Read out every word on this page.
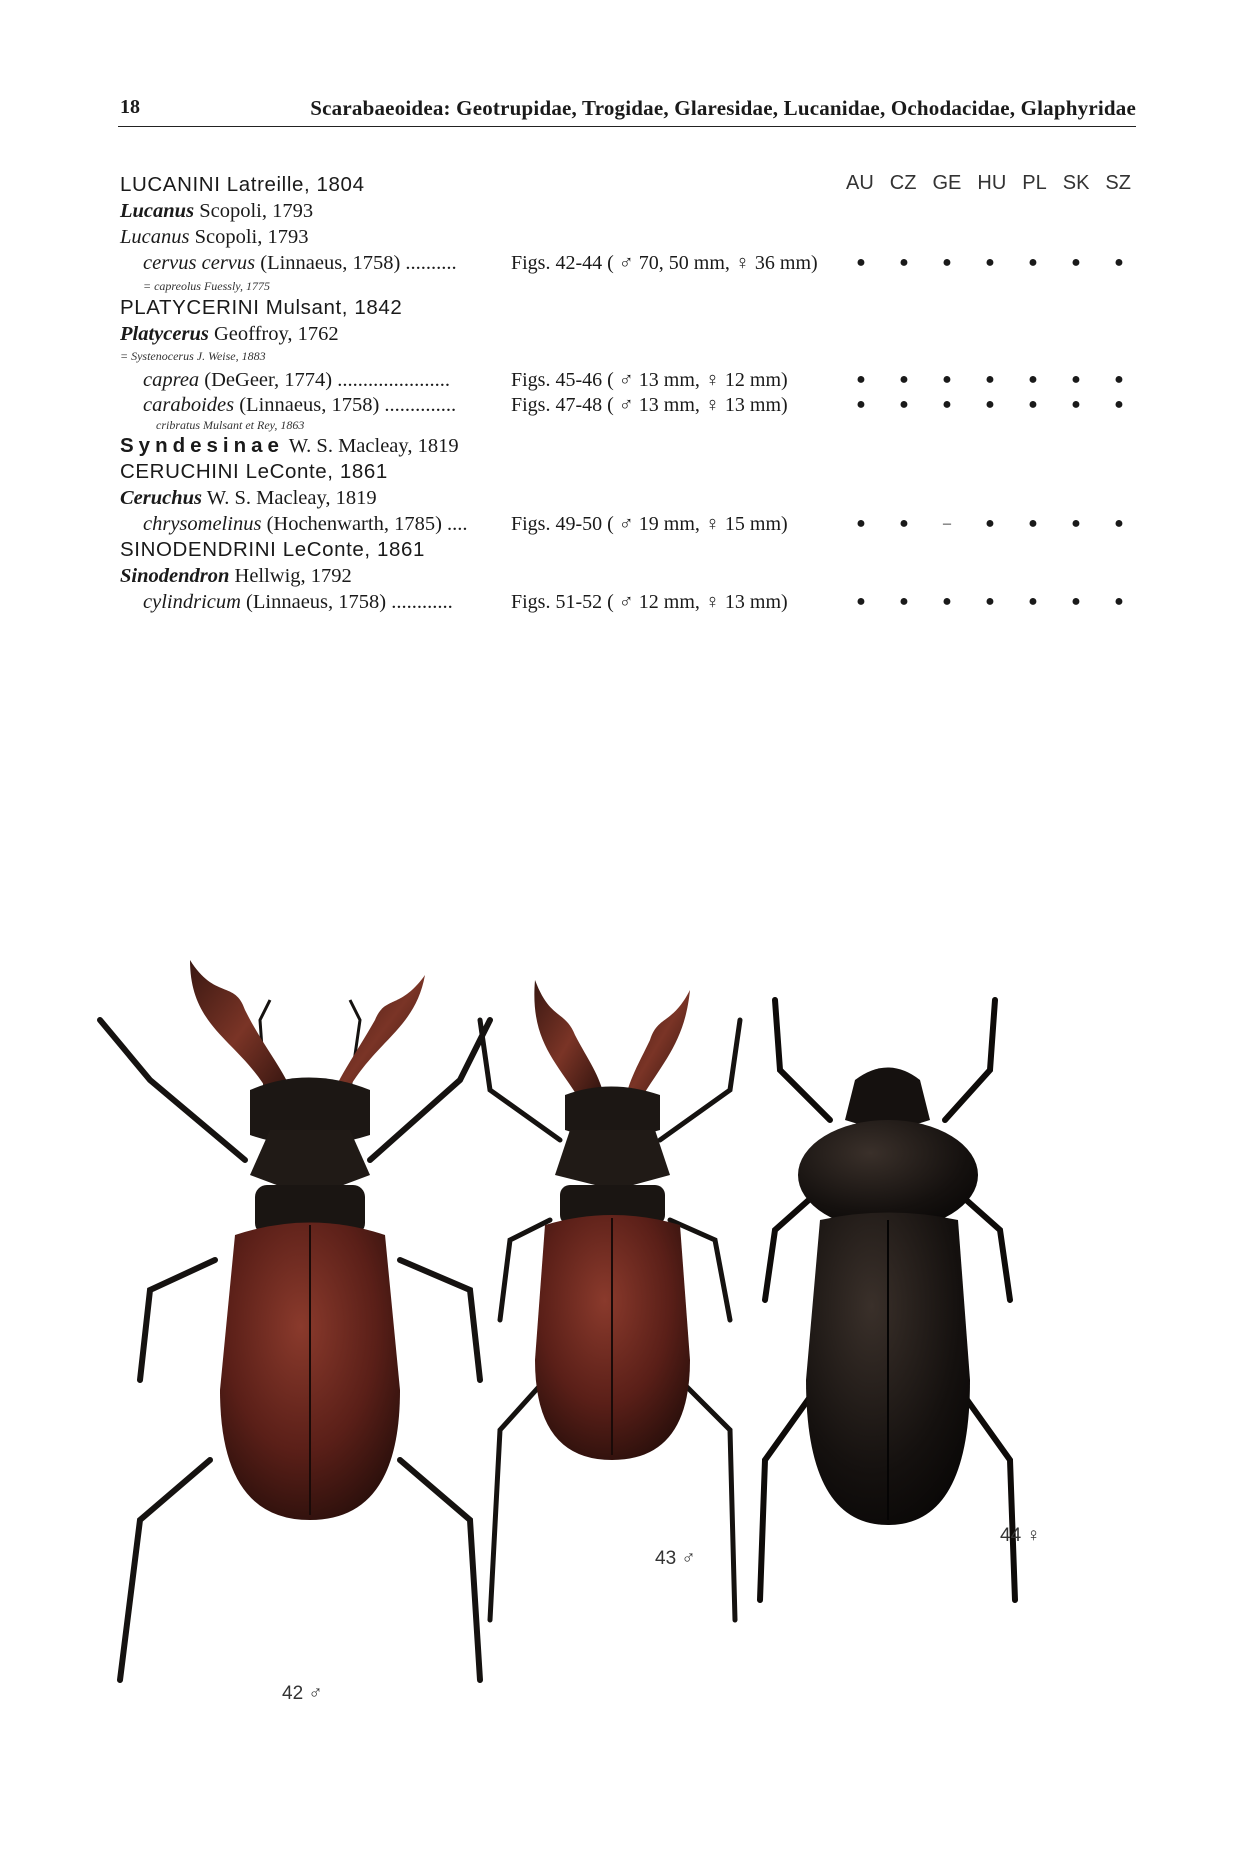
18	Scarabaeoidea: Geotrupidae, Trogidae, Glaresidae, Lucanidae, Ochodacidae, Glaphyridae
AU CZ GE HU PL SK SZ
LUCANINI Latreille, 1804
Lucanus Scopoli, 1793
Lucanus Scopoli, 1793
cervus cervus (Linnaeus, 1758) ..........	Figs. 42-44 ( ♂ 70, 50 mm, ♀ 36 mm) ● ● ● ● ● ● ●
= capreolus Fuessly, 1775
PLATYCERINI Mulsant, 1842
Platycerus Geoffroy, 1762
= Systenocerus J. Weise, 1883
caprea (DeGeer, 1774) ......................	Figs. 45-46 ( ♂ 13 mm, ♀ 12 mm)	● ● ● ● ● ● ●
caraboides (Linnaeus, 1758) ..............	Figs. 47-48 ( ♂ 13 mm, ♀ 13 mm)	● ● ● ● ● ● ●
cribratus Mulsant et Rey, 1863
Syndesinae W. S. Macleay, 1819
CERUCHINI LeConte, 1861
Ceruchus W. S. Macleay, 1819
chrysomelinus (Hochenwarth, 1785) .... Figs. 49-50 ( ♂ 19 mm, ♀ 15 mm)	● ● – ● ● ● ●
SINODENDRINI LeConte, 1861
Sinodendron Hellwig, 1792
cylindricum (Linnaeus, 1758) ............	Figs. 51-52 ( ♂ 12 mm, ♀ 13 mm)	● ● ● ● ● ● ●
42 ♂
43 ♂
44 ♀
